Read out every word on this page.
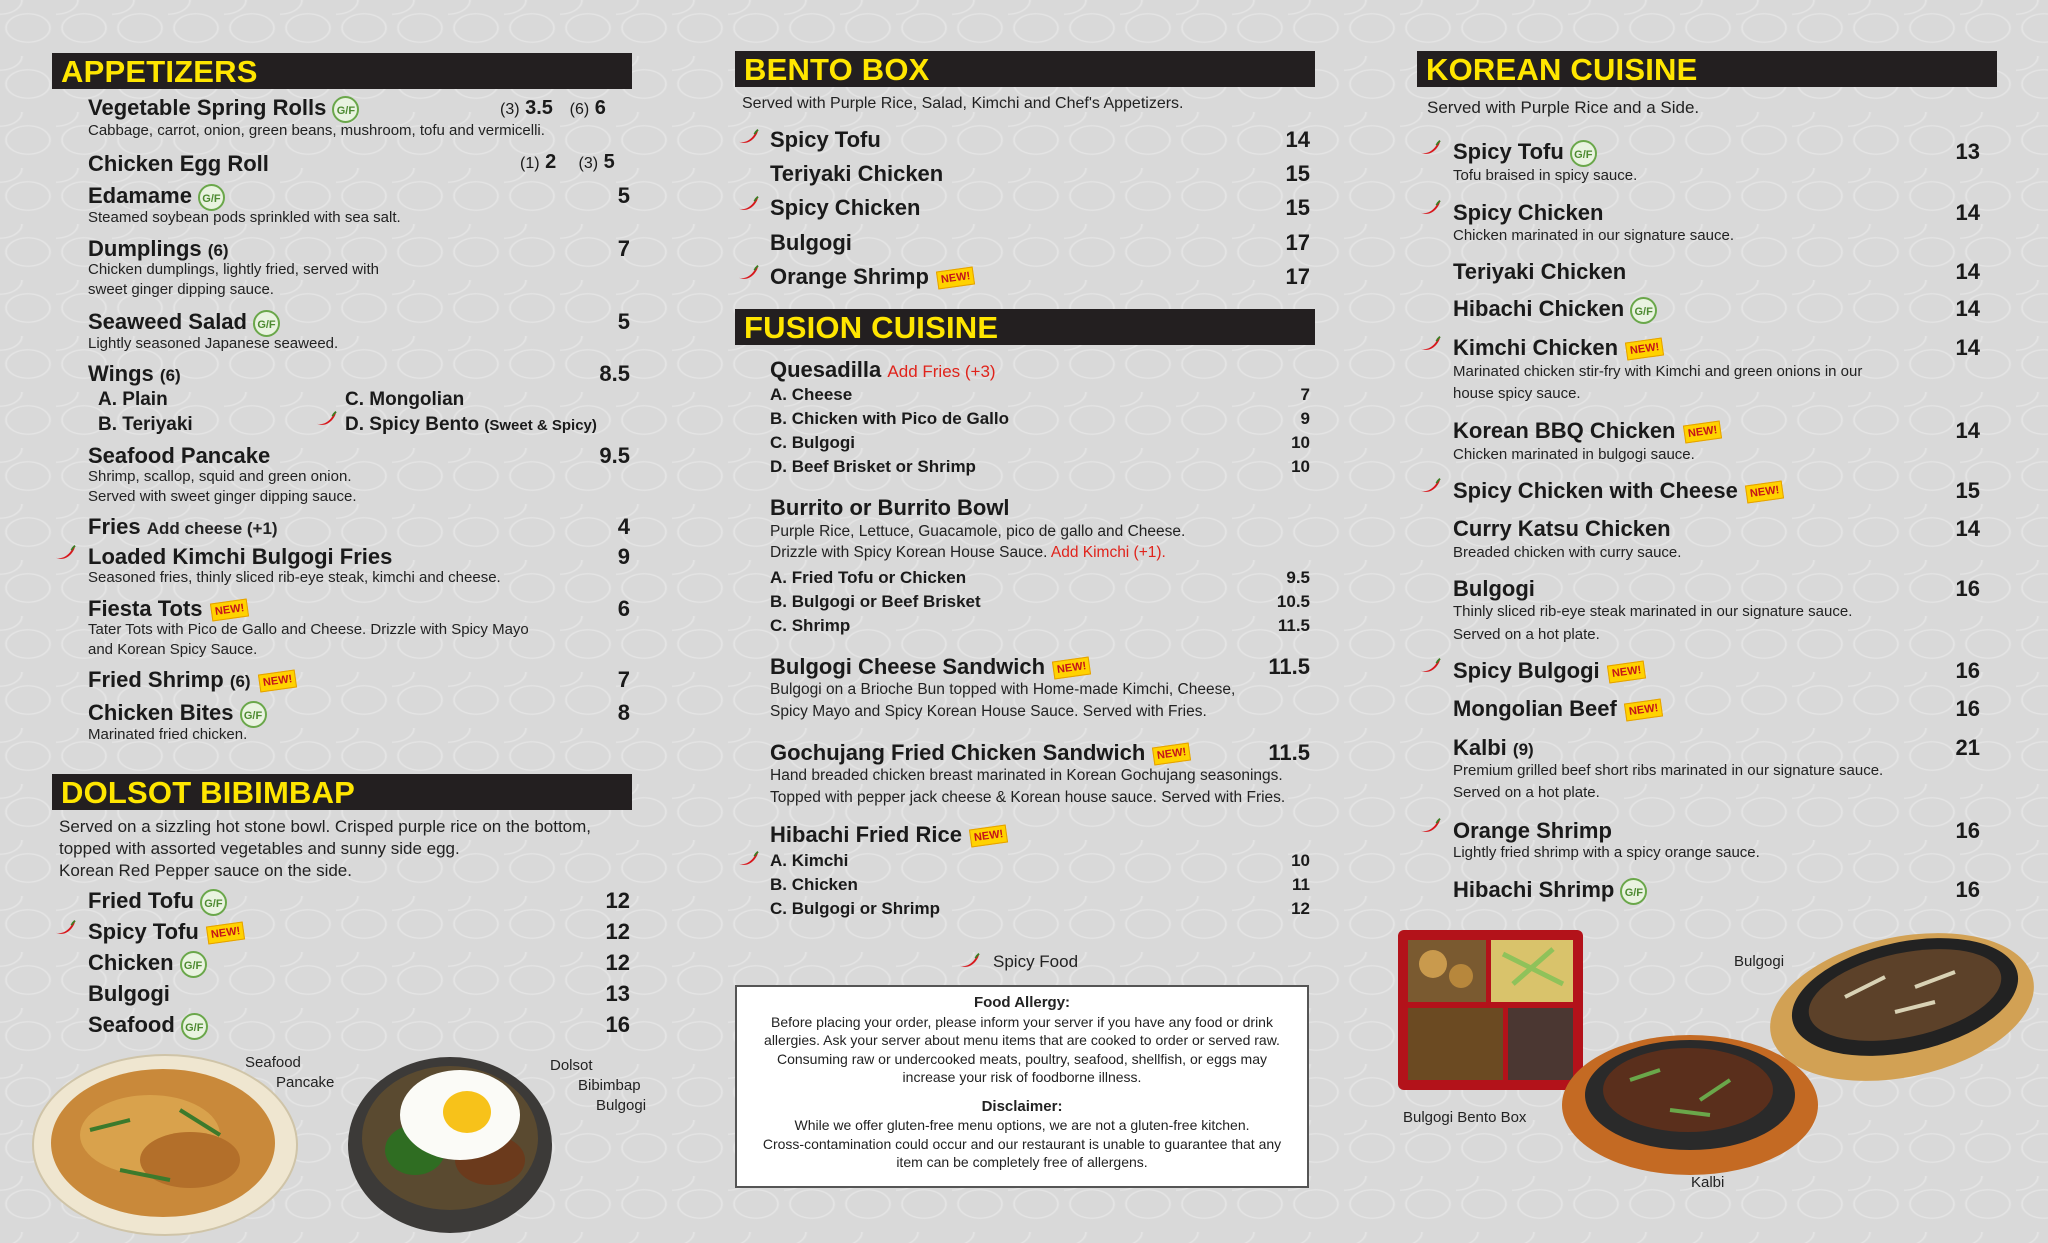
APPETIZERS
Vegetable Spring Rolls G/F	(3) 3.5 (6) 6
Cabbage, carrot, onion, green beans, mushroom, tofu and vermicelli.
Chicken Egg Roll	(1) 2 (3) 5
Edamame G/F	5
Steamed soybean pods sprinkled with sea salt.
Dumplings (6)	7
Chicken dumplings, lightly fried, served with
sweet ginger dipping sauce.
Seaweed Salad G/F	5
Lightly seasoned Japanese seaweed.
Wings (6)	8.5
A. Plain
B. Teriyaki
C. Mongolian
D. Spicy Bento (Sweet & Spicy)
Seafood Pancake	9.5
Shrimp, scallop, squid and green onion.
Served with sweet ginger dipping sauce.
Fries Add cheese (+1)	4
Loaded Kimchi Bulgogi Fries	9
Seasoned fries, thinly sliced rib-eye steak, kimchi and cheese.
Fiesta Tots NEW!	6
Tater Tots with Pico de Gallo and Cheese. Drizzle with Spicy Mayo
and Korean Spicy Sauce.
Fried Shrimp (6) NEW!	7
Chicken Bites G/F	8
Marinated fried chicken.
DOLSOT BIBIMBAP
Served on a sizzling hot stone bowl. Crisped purple rice on the bottom,
topped with assorted vegetables and sunny side egg.
Korean Red Pepper sauce on the side.
Fried Tofu G/F	12
Spicy Tofu NEW!	12
Chicken G/F	12
Bulgogi	13
Seafood G/F	16
Seafood
Pancake
Dolsot
Bibimbap
Bulgogi
BENTO BOX
Served with Purple Rice, Salad, Kimchi and Chef's Appetizers.
Spicy Tofu	14
Teriyaki Chicken	15
Spicy Chicken	15
Bulgogi	17
Orange Shrimp NEW!	17
FUSION CUISINE
Quesadilla Add Fries (+3)
A. Cheese	7
B. Chicken with Pico de Gallo	9
C. Bulgogi	10
D. Beef Brisket or Shrimp	10
Burrito or Burrito Bowl
Purple Rice, Lettuce, Guacamole, pico de gallo and Cheese.
Drizzle with Spicy Korean House Sauce. Add Kimchi (+1).
A. Fried Tofu or Chicken	9.5
B. Bulgogi or Beef Brisket	10.5
C. Shrimp	11.5
Bulgogi Cheese Sandwich NEW!	11.5
Bulgogi on a Brioche Bun topped with Home-made Kimchi, Cheese,
Spicy Mayo and Spicy Korean House Sauce. Served with Fries.
Gochujang Fried Chicken Sandwich NEW!	11.5
Hand breaded chicken breast marinated in Korean Gochujang seasonings.
Topped with pepper jack cheese & Korean house sauce. Served with Fries.
Hibachi Fried Rice NEW!
A. Kimchi	10
B. Chicken	11
C. Bulgogi or Shrimp	12
Spicy Food
Food Allergy:
Before placing your order, please inform your server if you have any food or drink
allergies. Ask your server about menu items that are cooked to order or served raw.
Consuming raw or undercooked meats, poultry, seafood, shellfish, or eggs may
increase your risk of foodborne illness.
Disclaimer:
While we offer gluten-free menu options, we are not a gluten-free kitchen.
Cross-contamination could occur and our restaurant is unable to guarantee that any
item can be completely free of allergens.
KOREAN CUISINE
Served with Purple Rice and a Side.
Spicy Tofu G/F	13
Tofu braised in spicy sauce.
Spicy Chicken	14
Chicken marinated in our signature sauce.
Teriyaki Chicken	14
Hibachi Chicken G/F	14
Kimchi Chicken NEW!	14
Marinated chicken stir-fry with Kimchi and green onions in our
house spicy sauce.
Korean BBQ Chicken NEW!	14
Chicken marinated in bulgogi sauce.
Spicy Chicken with Cheese NEW!	15
Curry Katsu Chicken	14
Breaded chicken with curry sauce.
Bulgogi	16
Thinly sliced rib-eye steak marinated in our signature sauce.
Served on a hot plate.
Spicy Bulgogi NEW!	16
Mongolian Beef NEW!	16
Kalbi (9)	21
Premium grilled beef short ribs marinated in our signature sauce.
Served on a hot plate.
Orange Shrimp	16
Lightly fried shrimp with a spicy orange sauce.
Hibachi Shrimp G/F	16
Bulgogi Bento Box
Kalbi
Bulgogi
